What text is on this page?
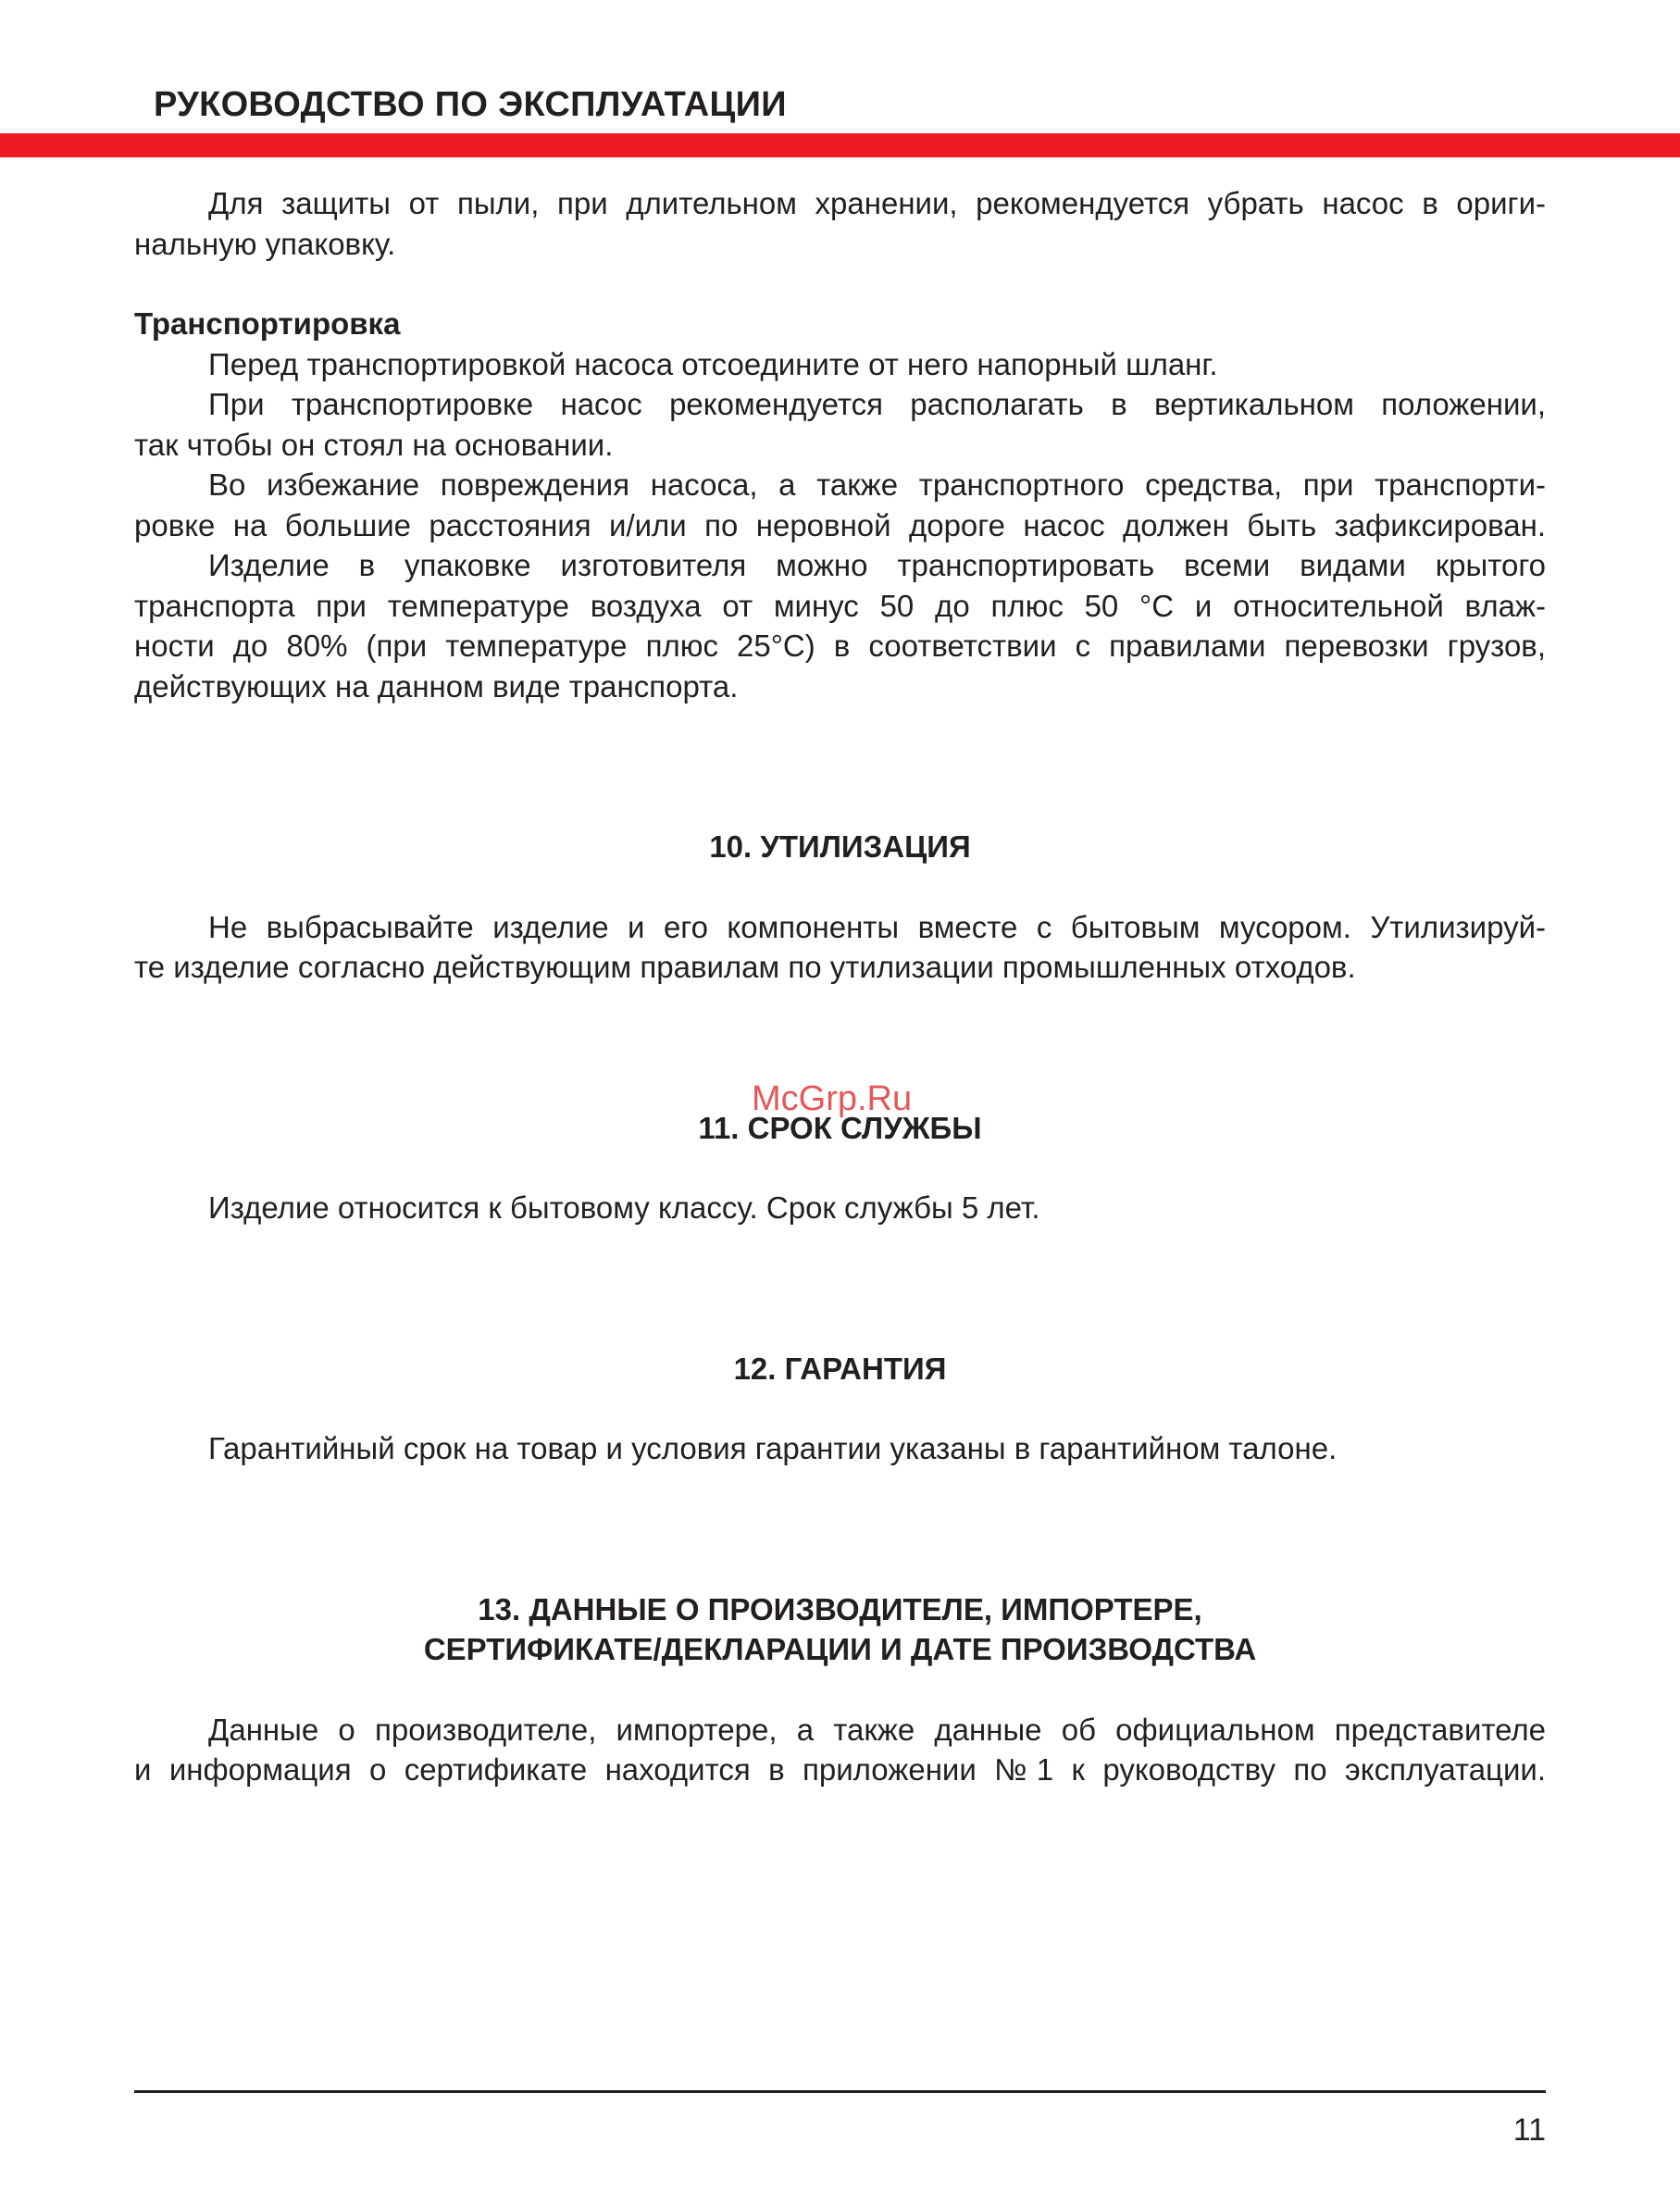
РУКОВОДСТВО ПО ЭКСПЛУАТАЦИИ

Для защиты от пыли, при длительном хранении, рекомендуется убрать насос в ориги-
нальную упаковку.

Транспортировка

Перед транспортировкой насоса отсоедините от него напорный шланг.

При транспортировке насос рекомендуется располагать в вертикальном положении,
так чтобы он стоял на основании.

Во избежание повреждения насоса, а также транспортного средства, при транспорти-
ровке на большие расстояния и/или по неровной дороге насос должен быть зафиксирован.

Изделие в упаковке изготовителя можно транспортировать всеми видами крытого
транспорта при температуре воздуха от минус 50 до плюс 50 °С и относительной влаж-
ности до 80% (при температуре плюс 25°С) в соответствии с правилами перевозки грузов,
действующих на данном виде транспорта.

10. УТИЛИЗАЦИЯ

Не выбрасывайте изделие и его компоненты вместе с бытовым мусором. Утилизируй-
те изделие согласно действующим правилам по утилизации промышленных отходов.

11. СРОК СЛУЖБЫ

Изделие относится к бытовому классу. Срок службы 5 лет.

12. ГАРАНТИЯ

Гарантийный срок на товар и условия гарантии указаны в гарантийном талоне.

13. ДАННЫЕ О ПРОИЗВОДИТЕЛЕ, ИМПОРТЕРЕ,

СЕРТИФИКАТЕ/ДЕКЛАРАЦИИ И ДАТЕ ПРОИЗВОДСТВА

Данные о производителе, импортере, а также данные об официальном представителе
и информация о сертификате находится в приложении №1 к руководству по эксплуатации.

McGrp.Ru
11
